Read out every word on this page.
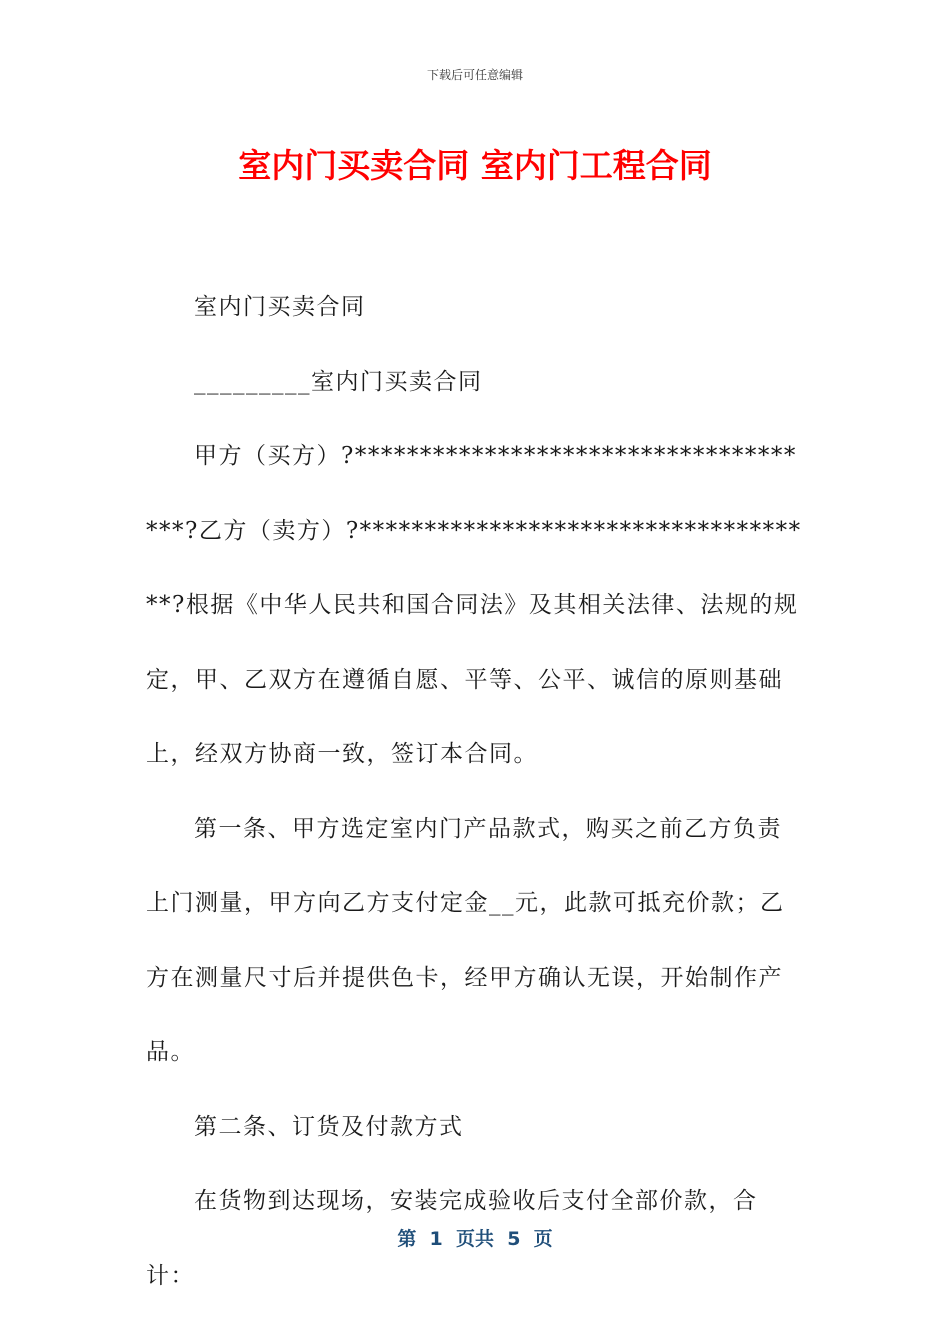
下载后可任意编辑
室内门买卖合同 室内门工程合同

室内门买卖合同

_________室内门买卖合同

甲方（买方）?*************************************?乙方（卖方）?************************************?根据《中华人民共和国合同法》及其相关法律、法规的规定，甲、乙双方在遵循自愿、平等、公平、诚信的原则基础上，经双方协商一致，签订本合同。

第一条、甲方选定室内门产品款式，购买之前乙方负责上门测量，甲方向乙方支付定金__元，此款可抵充价款；乙方在测量尺寸后并提供色卡，经甲方确认无误，开始制作产品。

第二条、订货及付款方式

在货物到达现场，安装完成验收后支付全部价款，合计：

第  1  页共  5  页
